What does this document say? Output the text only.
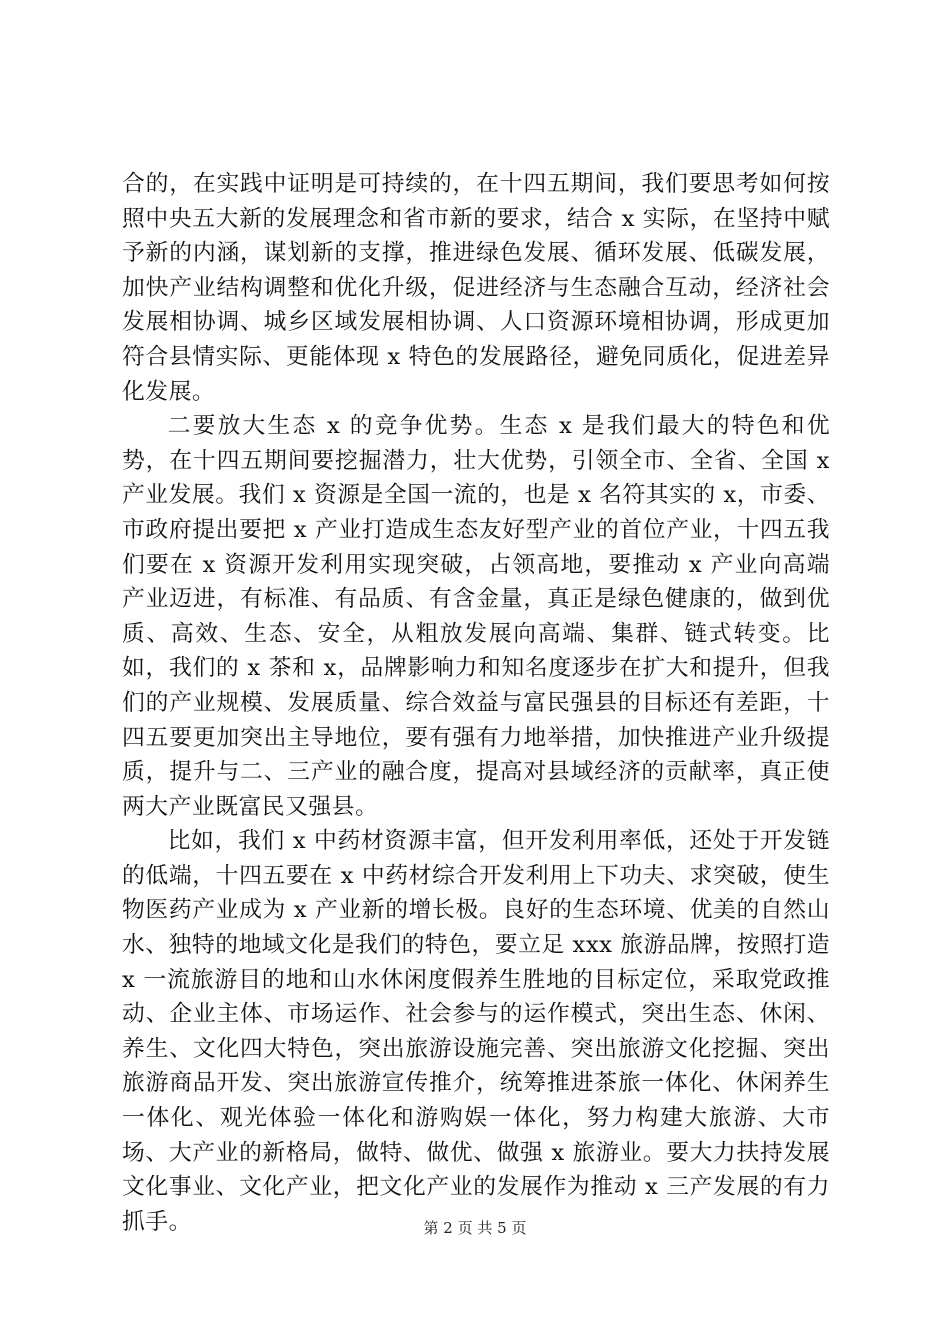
合的，在实践中证明是可持续的，在十四五期间，我们要思考如何按照中央五大新的发展理念和省市新的要求，结合 x 实际，在坚持中赋予新的内涵，谋划新的支撑，推进绿色发展、循环发展、低碳发展，加快产业结构调整和优化升级，促进经济与生态融合互动，经济社会发展相协调、城乡区域发展相协调、人口资源环境相协调，形成更加符合县情实际、更能体现 x 特色的发展路径，避免同质化，促进差异化发展。

二要放大生态 x 的竞争优势。生态 x 是我们最大的特色和优势，在十四五期间要挖掘潜力，壮大优势，引领全市、全省、全国 x 产业发展。我们 x 资源是全国一流的，也是 x 名符其实的 x，市委、市政府提出要把 x 产业打造成生态友好型产业的首位产业，十四五我们要在 x 资源开发利用实现突破，占领高地，要推动 x 产业向高端产业迈进，有标准、有品质、有含金量，真正是绿色健康的，做到优质、高效、生态、安全，从粗放发展向高端、集群、链式转变。比如，我们的 x 茶和 x，品牌影响力和知名度逐步在扩大和提升，但我们的产业规模、发展质量、综合效益与富民强县的目标还有差距，十四五要更加突出主导地位，要有强有力地举措，加快推进产业升级提质，提升与二、三产业的融合度，提高对县域经济的贡献率，真正使两大产业既富民又强县。

比如，我们 x 中药材资源丰富，但开发利用率低，还处于开发链的低端，十四五要在 x 中药材综合开发利用上下功夫、求突破，使生物医药产业成为 x 产业新的增长极。良好的生态环境、优美的自然山水、独特的地域文化是我们的特色，要立足 xxx 旅游品牌，按照打造 x 一流旅游目的地和山水休闲度假养生胜地的目标定位，采取党政推动、企业主体、市场运作、社会参与的运作模式，突出生态、休闲、养生、文化四大特色，突出旅游设施完善、突出旅游文化挖掘、突出旅游商品开发、突出旅游宣传推介，统筹推进茶旅一体化、休闲养生一体化、观光体验一体化和游购娱一体化，努力构建大旅游、大市场、大产业的新格局，做特、做优、做强 x 旅游业。要大力扶持发展文化事业、文化产业，把文化产业的发展作为推动 x 三产发展的有力抓手。	第 2 页 共 5 页
